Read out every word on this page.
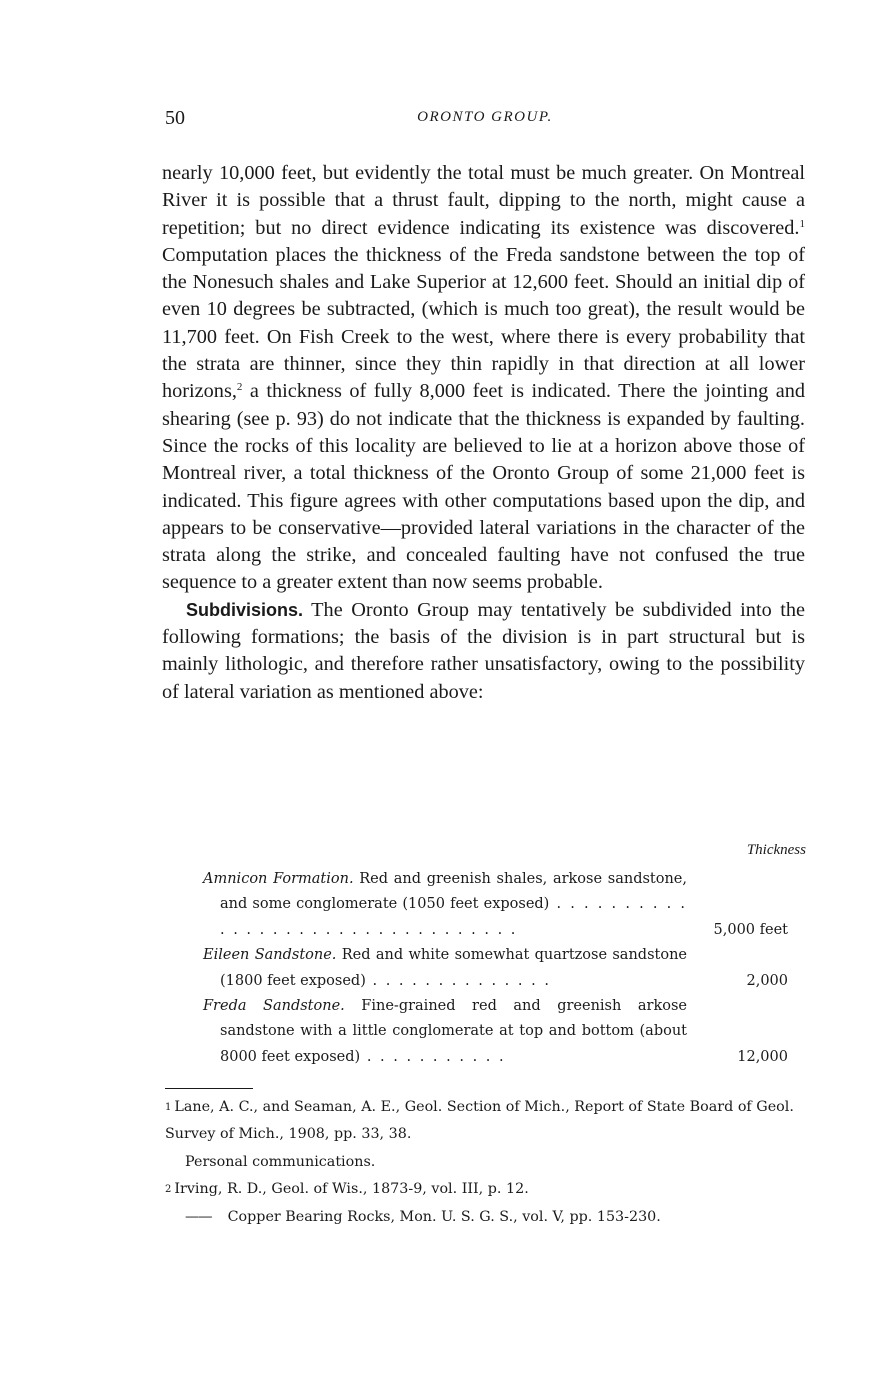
50	ORONTO GROUP.

nearly 10,000 feet, but evidently the total must be much greater. On Montreal River it is possible that a thrust fault, dipping to the north, might cause a repetition; but no direct evidence indicating its existence was discovered.$^1$ Computation places the thickness of the Freda sandstone between the top of the Nonesuch shales and Lake Superior at 12,600 feet. Should an initial dip of even 10 degrees be subtracted, (which is much too great), the result would be 11,700 feet. On Fish Creek to the west, where there is every probability that the strata are thinner, since they thin rapidly in that direction at all lower horizons,$^2$ a thickness of fully 8,000 feet is indicated. There the jointing and shearing (see p. 93) do not indicate that the thickness is expanded by faulting. Since the rocks of this locality are believed to lie at a horizon above those of Montreal river, a total thickness of the Oronto Group of some 21,000 feet is indicated. This figure agrees with other computations based upon the dip, and appears to be conservative—provided lateral variations in the character of the strata along the strike, and concealed faulting have not confused the true sequence to a greater extent than now seems probable.

Subdivisions. The Oronto Group may tentatively be subdivided into the following formations; the basis of the division is in part structural but is mainly lithologic, and therefore rather unsatisfactory, owing to the possibility of lateral variation as mentioned above:

Thickness
Amnicon Formation. Red and greenish shales, arkose sandstone, and some conglomerate (1050 feet exposed) . . . . . . . . . . . . . . . . . . . . . . . . . . . . . . . . .	5,000 feet
Eileen Sandstone. Red and white somewhat quartzose sandstone (1800 feet exposed) . . . . . . . . . . . . . .	2,000
Freda Sandstone. Fine-grained red and greenish arkose sandstone with a little conglomerate at top and bottom (about 8000 feet exposed) . . . . . . . . . . .	12,000

1 Lane, A. C., and Seaman, A. E., Geol. Section of Mich., Report of State Board of Geol. Survey of Mich., 1908, pp. 33, 38.

Personal communications.

2 Irving, R. D., Geol. of Wis., 1873-9, vol. III, p. 12.

—— Copper Bearing Rocks, Mon. U. S. G. S., vol. V, pp. 153-230.
